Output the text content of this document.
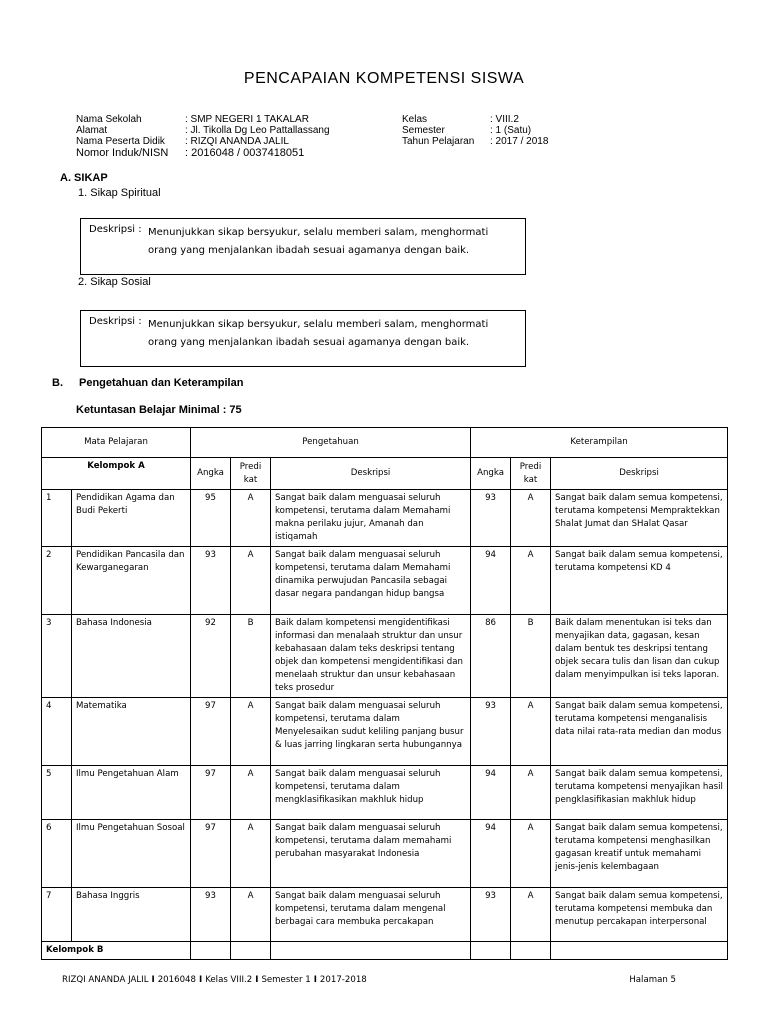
PENCAPAIAN KOMPETENSI SISWA
Nama Sekolah	: SMP NEGERI 1 TAKALAR
Alamat	: Jl. Tikolla Dg Leo Pattallassang
Nama Peserta Didik	: RIZQI ANANDA JALIL
Nomor Induk/NISN	: 2016048 / 0037418051
Kelas	: VIII.2
Semester	: 1 (Satu)
Tahun Pelajaran	: 2017 / 2018
A. SIKAP
1. Sikap Spiritual
Deskripsi : Menunjukkan sikap bersyukur, selalu memberi salam, menghormati
orang yang menjalankan ibadah sesuai agamanya dengan baik.
2. Sikap Sosial
Deskripsi : Menunjukkan sikap bersyukur, selalu memberi salam, menghormati
orang yang menjalankan ibadah sesuai agamanya dengan baik.
B. Pengetahuan dan Keterampilan
Ketuntasan Belajar Minimal : 75
Mata Pelajaran		Pengetahuan			Keterampilan		
Kelompok A		Angka	Predi kat	Deskripsi	Angka	Predi kat	Deskripsi
1	Pendidikan Agama dan Budi Pekerti	95	A	Sangat baik dalam menguasai seluruh kompetensi, terutama dalam Memahami makna perilaku jujur, Amanah dan istiqamah	93	A	Sangat baik dalam semua kompetensi, terutama kompetensi Mempraktekkan Shalat Jumat dan SHalat Qasar
2	Pendidikan Pancasila dan Kewarganegaran	93	A	Sangat baik dalam menguasai seluruh kompetensi, terutama dalam Memahami dinamika perwujudan Pancasila sebagai dasar negara pandangan hidup bangsa	94	A	Sangat baik dalam semua kompetensi, terutama kompetensi KD 4
3	Bahasa Indonesia	92	B	Baik dalam kompetensi mengidentifikasi informasi dan menalaah struktur dan unsur kebahasaan dalam teks deskripsi tentang objek dan kompetensi mengidentifikasi dan menelaah struktur dan unsur kebahasaan teks prosedur	86	B	Baik dalam menentukan isi teks dan menyajikan data, gagasan, kesan dalam bentuk tes deskripsi tentang objek secara tulis dan lisan dan cukup dalam menyimpulkan isi teks laporan.
4	Matematika	97	A	Sangat baik dalam menguasai seluruh kompetensi, terutama dalam Menyelesaikan sudut keliling panjang busur & luas jarring lingkaran serta hubungannya	93	A	Sangat baik dalam semua kompetensi, terutama kompetensi menganalisis data nilai rata-rata median dan modus
5	Ilmu Pengetahuan Alam	97	A	Sangat baik dalam menguasai seluruh kompetensi, terutama dalam mengklasifikasikan makhluk hidup	94	A	Sangat baik dalam semua kompetensi, terutama kompetensi menyajikan hasil pengklasifikasian makhluk hidup
6	Ilmu Pengetahuan Sosoal	97	A	Sangat baik dalam menguasai seluruh kompetensi, terutama dalam memahami perubahan masyarakat Indonesia	94	A	Sangat baik dalam semua kompetensi, terutama kompetensi menghasilkan gagasan kreatif untuk memahami jenis-jenis kelembagaan
7	Bahasa Inggris	93	A	Sangat baik dalam menguasai seluruh kompetensi, terutama dalam mengenal berbagai cara membuka percakapan	93	A	Sangat baik dalam semua kompetensi, terutama kompetensi membuka dan menutup percakapan interpersonal
Kelompok B							
RIZQI ANANDA JALIL I 2016048 I Kelas VIII.2 I Semester 1 I 2017-2018	Halaman 5
